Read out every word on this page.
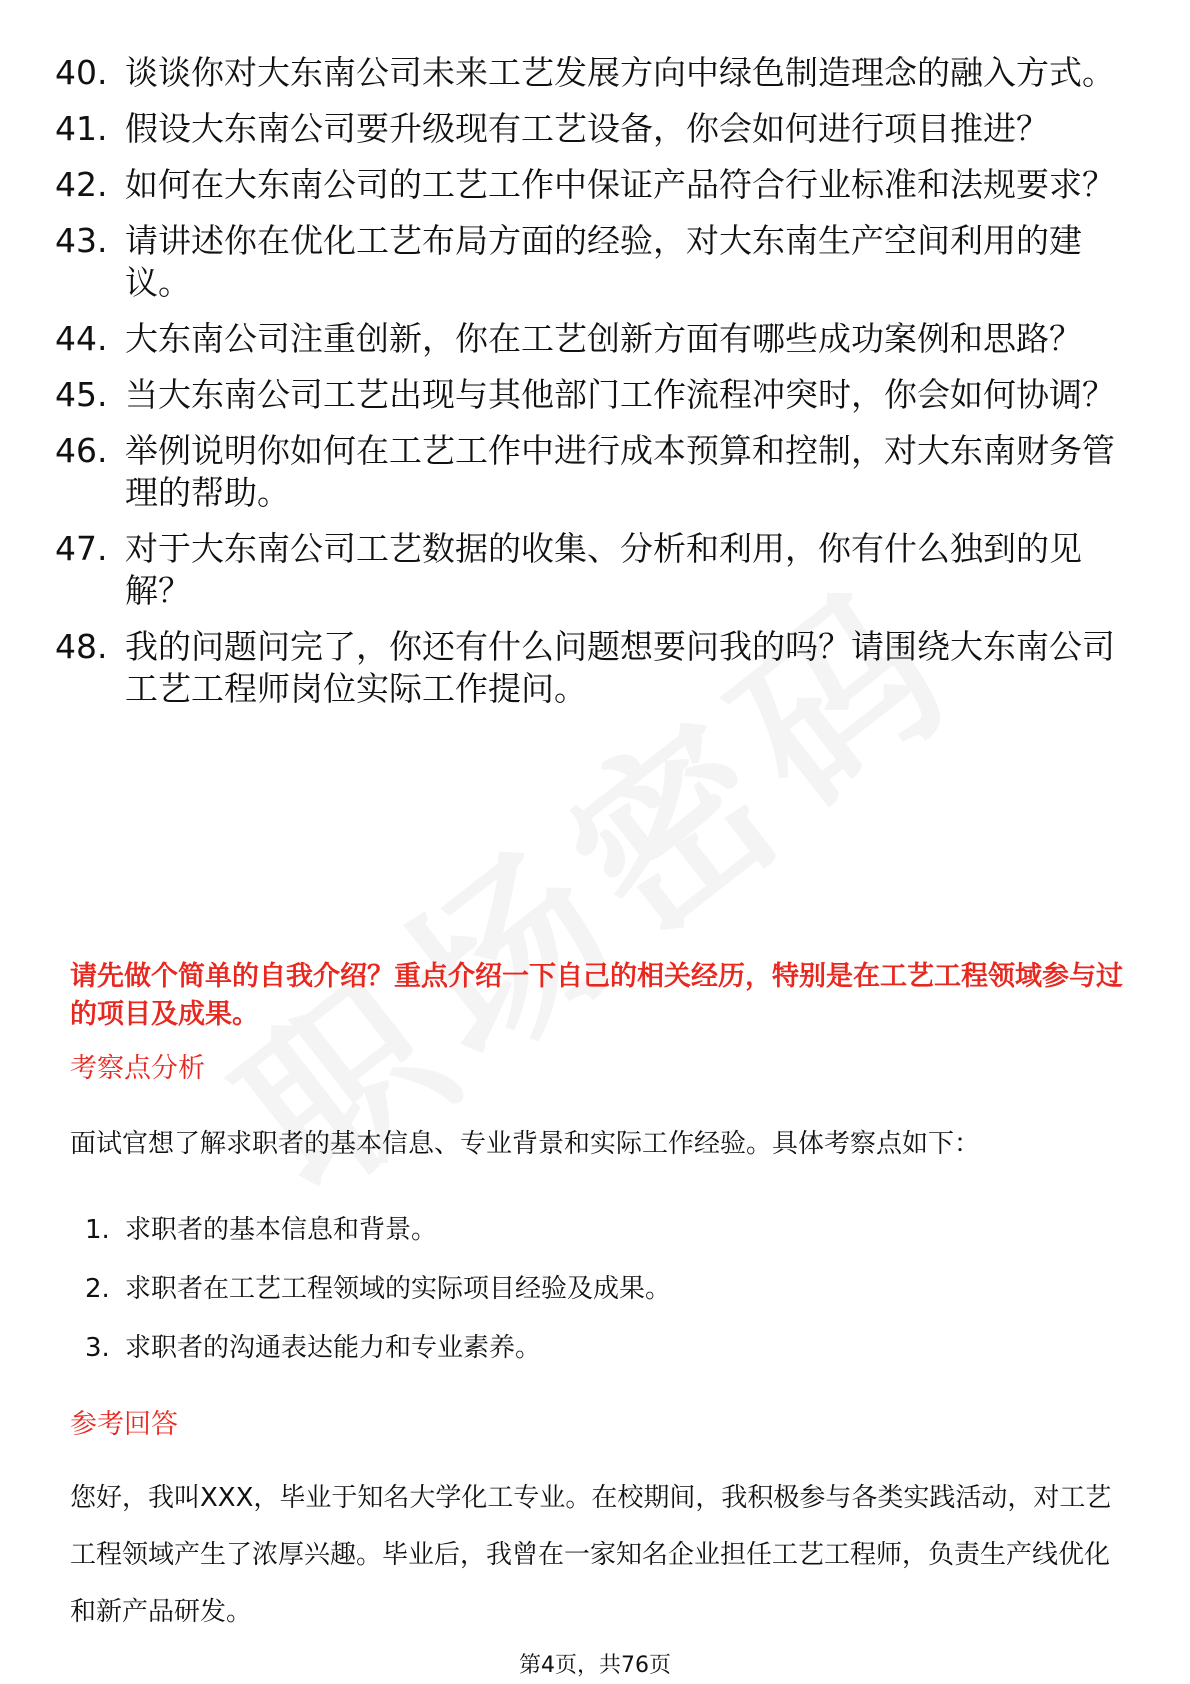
40. 谈谈你对大东南公司未来工艺发展方向中绿色制造理念的融入方式。
41. 假设大东南公司要升级现有工艺设备，你会如何进行项目推进？
42. 如何在大东南公司的工艺工作中保证产品符合行业标准和法规要求？
43. 请讲述你在优化工艺布局方面的经验，对大东南生产空间利用的建议。
44. 大东南公司注重创新，你在工艺创新方面有哪些成功案例和思路？
45. 当大东南公司工艺出现与其他部门工作流程冲突时，你会如何协调？
46. 举例说明你如何在工艺工作中进行成本预算和控制，对大东南财务管理的帮助。
47. 对于大东南公司工艺数据的收集、分析和利用，你有什么独到的见解？
48. 我的问题问完了，你还有什么问题想要问我的吗？请围绕大东南公司工艺工程师岗位实际工作提问。
请先做个简单的自我介绍？重点介绍一下自己的相关经历，特别是在工艺工程领域参与过的项目及成果。
考察点分析
面试官想了解求职者的基本信息、专业背景和实际工作经验。具体考察点如下：
1. 求职者的基本信息和背景。
2. 求职者在工艺工程领域的实际项目经验及成果。
3. 求职者的沟通表达能力和专业素养。
参考回答
您好，我叫XXX，毕业于知名大学化工专业。在校期间，我积极参与各类实践活动，对工艺工程领域产生了浓厚兴趣。毕业后，我曾在一家知名企业担任工艺工程师，负责生产线优化和新产品研发。
第4页，共76页
